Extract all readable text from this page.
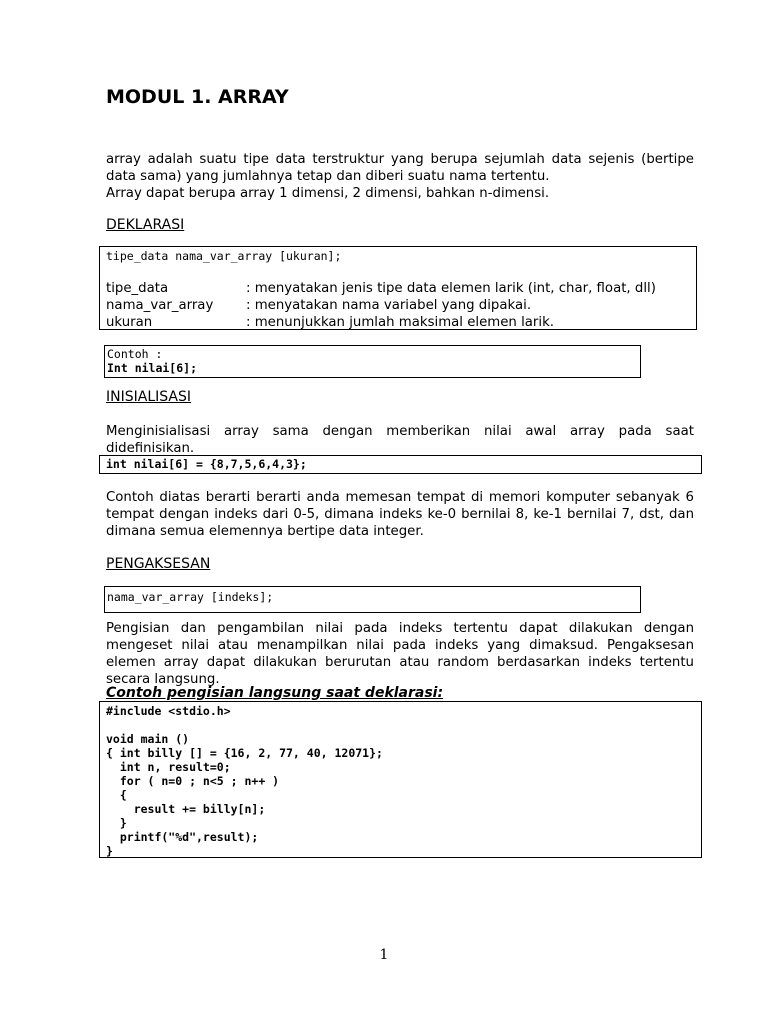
MODUL 1. ARRAY

array adalah suatu tipe data terstruktur yang berupa sejumlah data sejenis (bertipe data sama) yang jumlahnya tetap dan diberi suatu nama tertentu.
Array dapat berupa array 1 dimensi, 2 dimensi, bahkan n-dimensi.

DEKLARASI
tipe_data nama_var_array [ukuran];
tipe_data	: menyatakan jenis tipe data elemen larik (int, char, float, dll)
nama_var_array	: menyatakan nama variabel yang dipakai.
ukuran	: menunjukkan jumlah maksimal elemen larik.
Contoh :
Int nilai[6];
INISIALISASI

Menginisialisasi array sama dengan memberikan nilai awal array pada saat didefinisikan.

int nilai[6] = {8,7,5,6,4,3};

Contoh diatas berarti berarti anda memesan tempat di memori komputer sebanyak 6 tempat dengan indeks dari 0-5, dimana indeks ke-0 bernilai 8, ke-1 bernilai 7, dst, dan dimana semua elemennya bertipe data integer.

PENGAKSESAN
nama_var_array [indeks];

Pengisian dan pengambilan nilai pada indeks tertentu dapat dilakukan dengan mengeset nilai atau menampilkan nilai pada indeks yang dimaksud. Pengaksesan elemen array dapat dilakukan berurutan atau random berdasarkan indeks tertentu secara langsung.

Contoh pengisian langsung saat deklarasi:
#include <stdio.h>
void main ()
{ int billy [] = {16, 2, 77, 40, 12071};
int n, result=0;
for ( n=0 ; n<5 ; n++ )
{
result += billy[n];
}
printf("%d",result);
}
1
